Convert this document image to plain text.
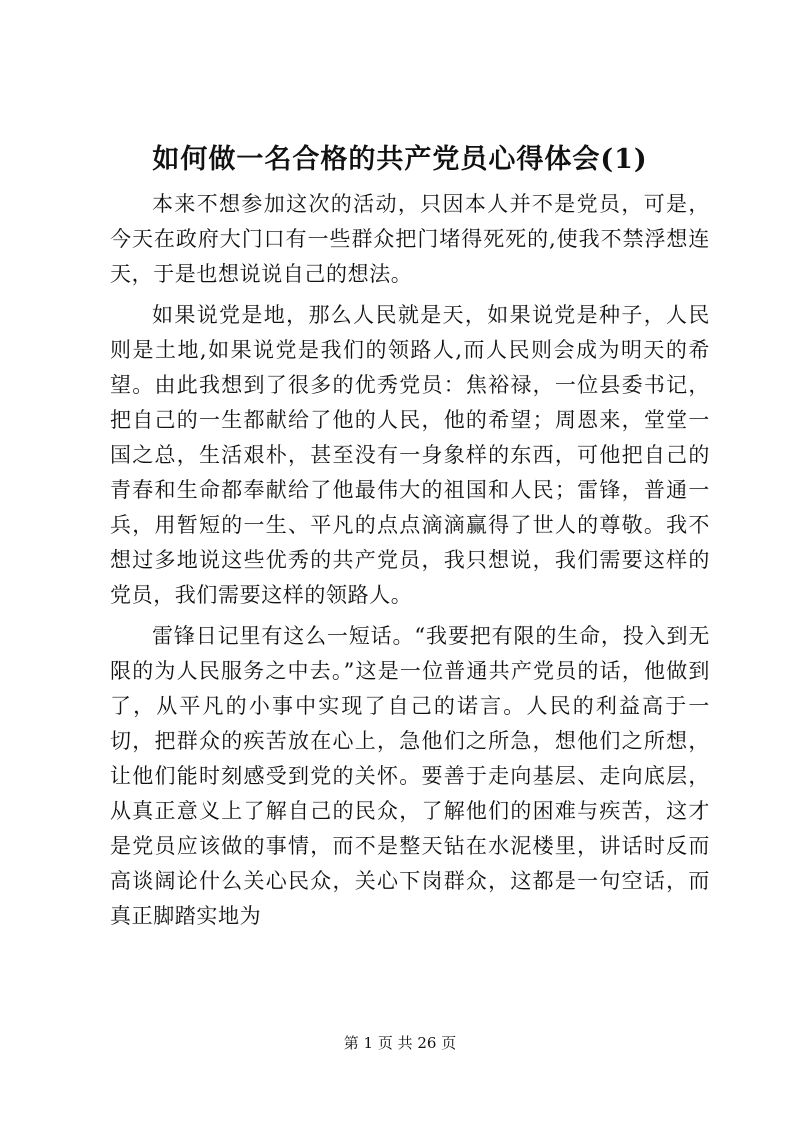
如何做一名合格的共产党员心得体会(1)

本来不想参加这次的活动，只因本人并不是党员，可是，今天在政府大门口有一些群众把门堵得死死的,使我不禁浮想连天，于是也想说说自己的想法。

如果说党是地，那么人民就是天，如果说党是种子，人民则是土地,如果说党是我们的领路人,而人民则会成为明天的希望。由此我想到了很多的优秀党员：焦裕禄，一位县委书记，把自己的一生都献给了他的人民，他的希望；周恩来，堂堂一国之总，生活艰朴，甚至没有一身象样的东西，可他把自己的青春和生命都奉献给了他最伟大的祖国和人民；雷锋，普通一兵，用暂短的一生、平凡的点点滴滴赢得了世人的尊敬。我不想过多地说这些优秀的共产党员，我只想说，我们需要这样的党员，我们需要这样的领路人。

雷锋日记里有这么一短话。“我要把有限的生命，投入到无限的为人民服务之中去。”这是一位普通共产党员的话，他做到了，从平凡的小事中实现了自己的诺言。人民的利益高于一切，把群众的疾苦放在心上，急他们之所急，想他们之所想，让他们能时刻感受到党的关怀。要善于走向基层、走向底层，从真正意义上了解自己的民众，了解他们的困难与疾苦，这才是党员应该做的事情，而不是整天钻在水泥楼里，讲话时反而高谈阔论什么关心民众，关心下岗群众，这都是一句空话，而真正脚踏实地为

第 1 页 共 26 页
